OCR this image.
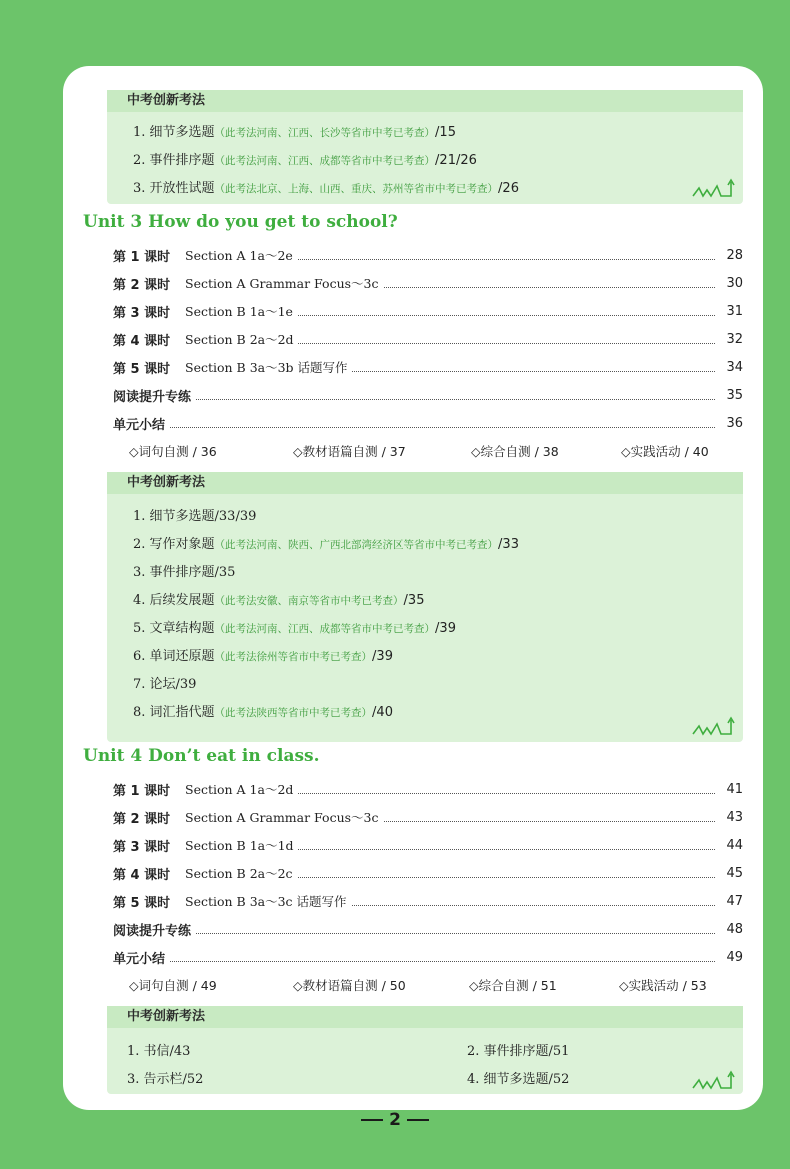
中考创新考法
1. 细节多选题（此考法河南、江西、长沙等省市中考已考查）/15
2. 事件排序题（此考法河南、江西、成都等省市中考已考查）/21/26
3. 开放性试题（此考法北京、上海、山西、重庆、苏州等省市中考已考查）/26
Unit 3 How do you get to school?
第 1 课时 Section A 1a～2e	28
第 2 课时 Section A Grammar Focus～3c	30
第 3 课时 Section B 1a～1e	31
第 4 课时 Section B 2a～2d	32
第 5 课时 Section B 3a～3b 话题写作	34
阅读提升专练	35
单元小结	36
◇词句自测 / 36	◇教材语篇自测 / 37	◇综合自测 / 38	◇实践活动 / 40
中考创新考法
1. 细节多选题/33/39
2. 写作对象题（此考法河南、陕西、广西北部湾经济区等省市中考已考查）/33
3. 事件排序题/35
4. 后续发展题（此考法安徽、南京等省市中考已考查）/35
5. 文章结构题（此考法河南、江西、成都等省市中考已考查）/39
6. 单词还原题（此考法徐州等省市中考已考查）/39
7. 论坛/39
8. 词汇指代题（此考法陕西等省市中考已考查）/40
Unit 4 Don’t eat in class.
第 1 课时 Section A 1a～2d	41
第 2 课时 Section A Grammar Focus～3c	43
第 3 课时 Section B 1a～1d	44
第 4 课时 Section B 2a～2c	45
第 5 课时 Section B 3a～3c 话题写作	47
阅读提升专练	48
单元小结	49
◇词句自测 / 49	◇教材语篇自测 / 50	◇综合自测 / 51	◇实践活动 / 53
中考创新考法
1. 书信/43
3. 告示栏/52
2. 事件排序题/51
4. 细节多选题/52
2
